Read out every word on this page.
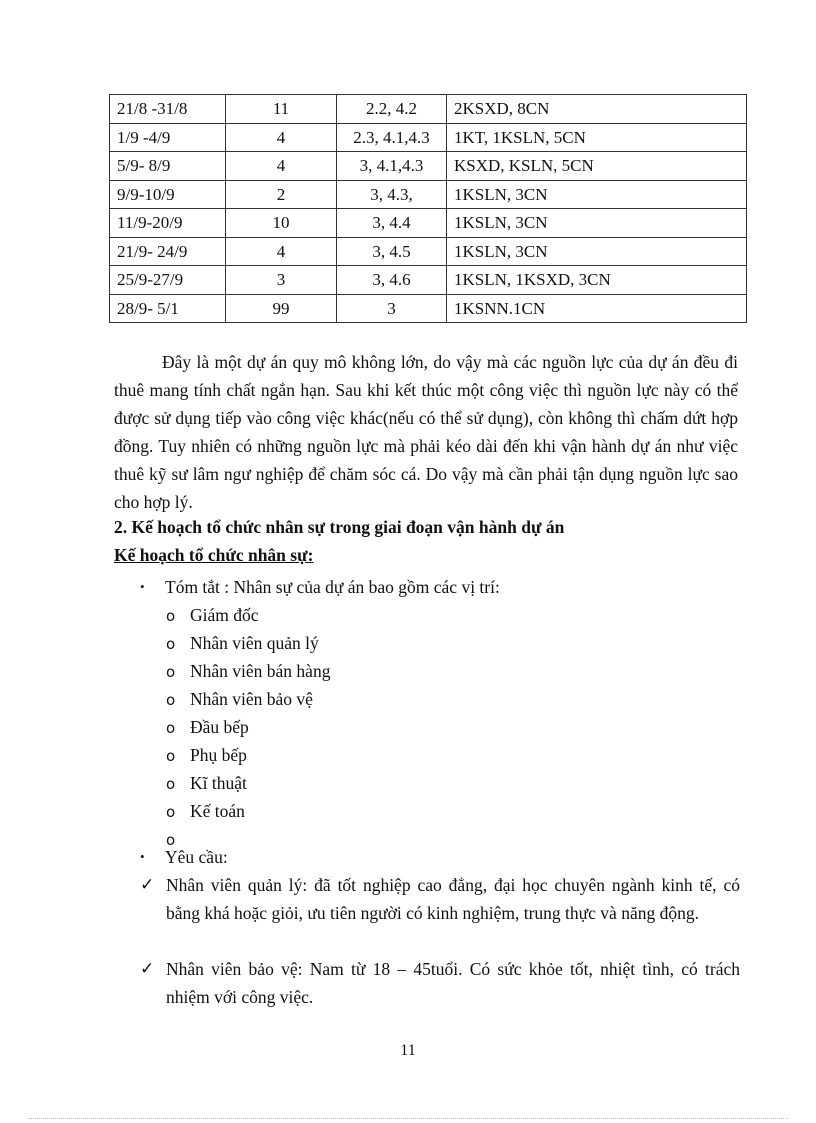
21/8 -31/8	11	2.2, 4.2	2KSXD, 8CN
1/9 -4/9	4	2.3, 4.1,4.3	1KT, 1KSLN, 5CN
5/9- 8/9	4	3, 4.1,4.3	KSXD, KSLN, 5CN
9/9-10/9	2	3, 4.3,	1KSLN, 3CN
11/9-20/9	10	3, 4.4	1KSLN, 3CN
21/9- 24/9	4	3, 4.5	1KSLN, 3CN
25/9-27/9	3	3, 4.6	1KSLN, 1KSXD, 3CN
28/9- 5/1	99	3	1KSNN.1CN

Đây là một dự án quy mô không lớn, do vậy mà các nguồn lực của dự án đều đi thuê mang tính chất ngắn hạn. Sau khi kết thúc một công việc thì nguồn lực này có thể được sử dụng tiếp vào công việc khác(nếu có thể sử dụng), còn không thì chấm dứt hợp đồng. Tuy nhiên có những nguồn lực mà phải kéo dài đến khi vận hành dự án như việc thuê kỹ sư lâm ngư nghiệp để chăm sóc cá. Do vậy mà cần phải tận dụng nguồn lực sao cho hợp lý.

2. Kế hoạch tổ chức nhân sự trong giai đoạn vận hành dự án

Kế hoạch tổ chức nhân sự:

• Tóm tắt : Nhân sự của dự án bao gồm các vị trí:
o Giám đốc
o Nhân viên quản lý
o Nhân viên bán hàng
o Nhân viên bảo vệ
o Đầu bếp
o Phụ bếp
o Kĩ thuật
o Kế toán
o
• Yêu cầu:
✓ Nhân viên quản lý: đã tốt nghiệp cao đẳng, đại học chuyên ngành kinh tế, có bằng khá hoặc giỏi, ưu tiên người có kinh nghiệm, trung thực và năng động.
✓ Nhân viên bảo vệ: Nam từ 18 – 45tuổi. Có sức khỏe tốt, nhiệt tình, có trách nhiệm với công việc.
11
